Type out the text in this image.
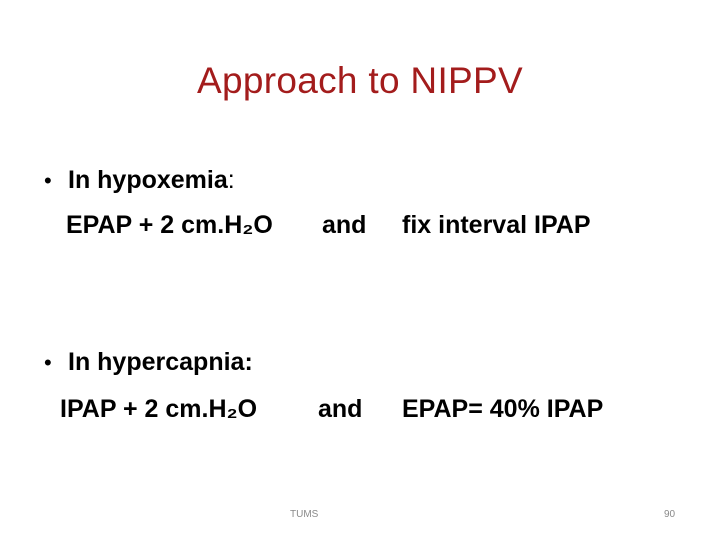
Approach to NIPPV
• In hypoxemia:
EPAP + 2 cm.H₂O and fix interval IPAP
• In hypercapnia:
IPAP + 2 cm.H₂O and EPAP= 40% IPAP
TUMS	90
